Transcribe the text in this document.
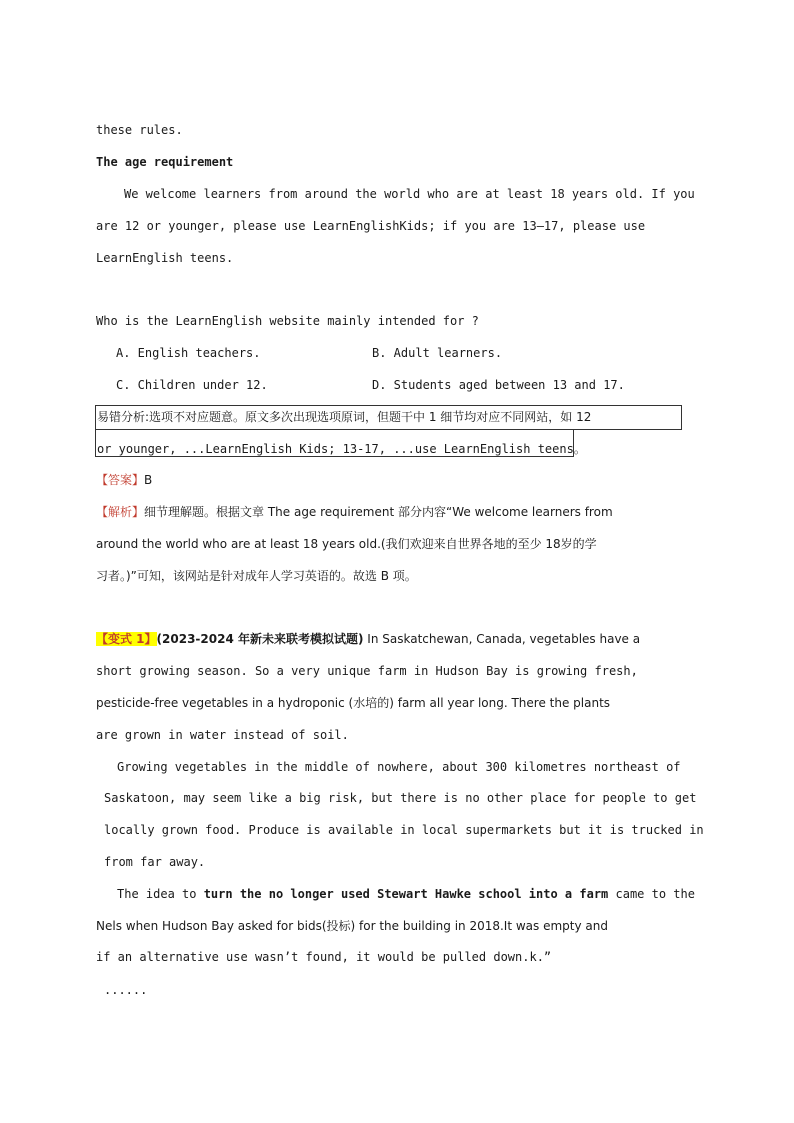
these rules.
The age requirement
We welcome learners from around the world who are at least 18 years old. If you
are 12 or younger, please use LearnEnglishKids; if you are 13—17, please use
LearnEnglish teens.
Who is the LearnEnglish website mainly intended for ?
A. English teachers.	B. Adult learners.
C. Children under 12.	D. Students aged between 13 and 17.
易错分析:选项不对应题意。原文多次出现选项原词，但题干中 1 细节均对应不同网站，如 12
or younger, ...LearnEnglish Kids; 13-17, ...use LearnEnglish teens。
【答案】B
【解析】细节理解题。根据文章 The age requirement 部分内容“We welcome learners from
around the world who are at least 18 years old.(我们欢迎来自世界各地的至少 18岁的学
习者。)”可知，该网站是针对成年人学习英语的。故选 B 项。
【变式 1】(2023-2024 年新未来联考模拟试题) In Saskatchewan, Canada, vegetables have a
short growing season. So a very unique farm in Hudson Bay is growing fresh,
pesticide-free vegetables in a hydroponic (水培的) farm all year long. There the plants
are grown in water instead of soil.
Growing vegetables in the middle of nowhere, about 300 kilometres northeast of
Saskatoon, may seem like a big risk, but there is no other place for people to get
locally grown food. Produce is available in local supermarkets but it is trucked in
from far away.
The idea to turn the no longer used Stewart Hawke school into a farm came to the
Nels when Hudson Bay asked for bids(投标) for the building in 2018.It was empty and
if an alternative use wasn’t found, it would be pulled down.k.”
......
